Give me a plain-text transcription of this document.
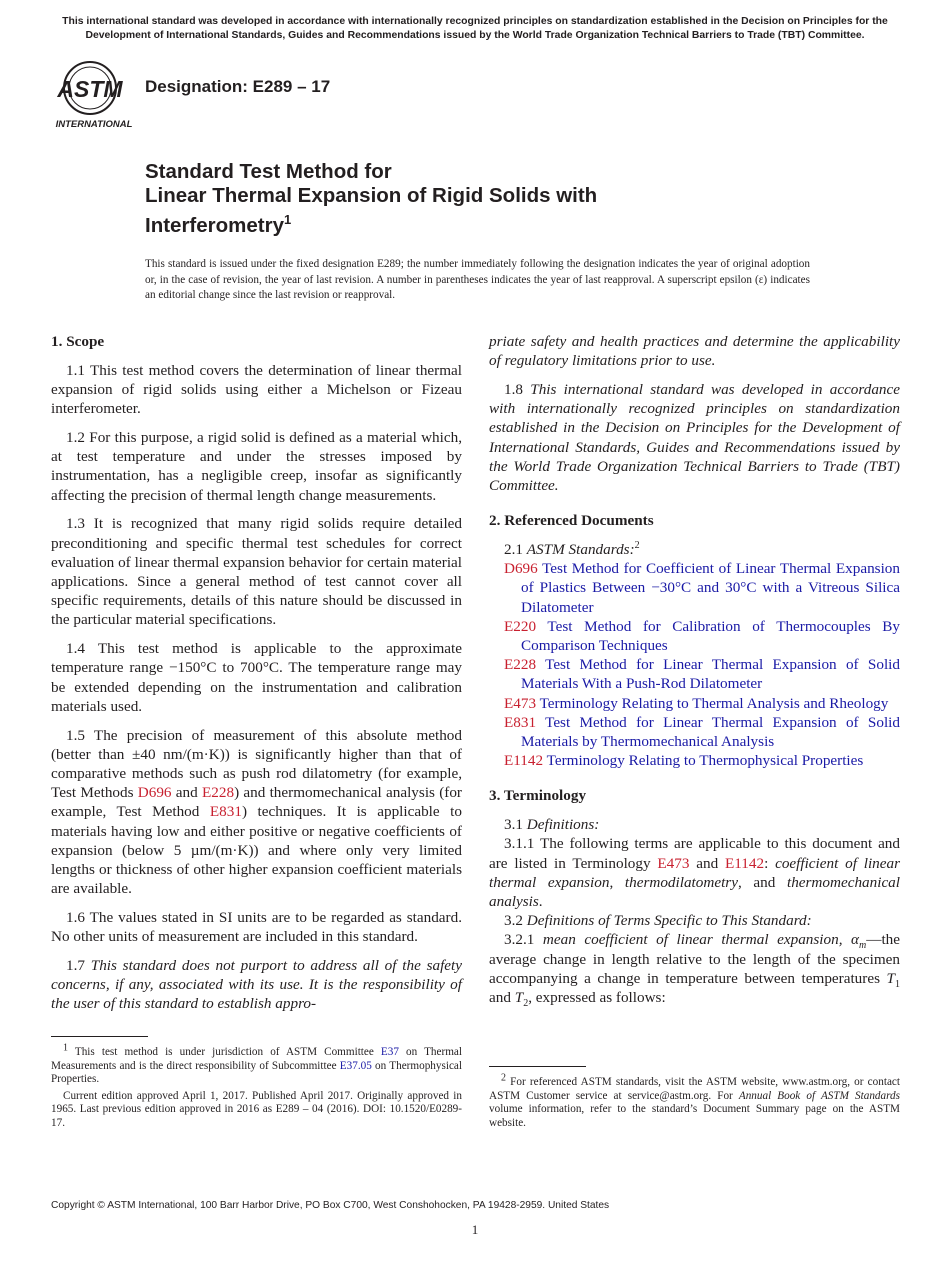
This international standard was developed in accordance with internationally recognized principles on standardization established in the Decision on Principles for the
Development of International Standards, Guides and Recommendations issued by the World Trade Organization Technical Barriers to Trade (TBT) Committee.
ASTM
INTERNATIONAL
Designation: E289 – 17
Standard Test Method for
Linear Thermal Expansion of Rigid Solids with
Interferometry$^1$

This standard is issued under the fixed designation E289; the number immediately following the designation indicates the year of original adoption or, in the case of revision, the year of last revision. A number in parentheses indicates the year of last reapproval. A superscript epsilon (ε) indicates an editorial change since the last revision or reapproval.

1. Scope

1.1 This test method covers the determination of linear thermal expansion of rigid solids using either a Michelson or Fizeau interferometer.

1.2 For this purpose, a rigid solid is defined as a material which, at test temperature and under the stresses imposed by instrumentation, has a negligible creep, insofar as significantly affecting the precision of thermal length change measurements.

1.3 It is recognized that many rigid solids require detailed preconditioning and specific thermal test schedules for correct evaluation of linear thermal expansion behavior for certain material applications. Since a general method of test cannot cover all specific requirements, details of this nature should be discussed in the particular material specifications.

1.4 This test method is applicable to the approximate temperature range −150°C to 700°C. The temperature range may be extended depending on the instrumentation and calibration materials used.

1.5 The precision of measurement of this absolute method (better than ±40 nm/(m·K)) is significantly higher than that of comparative methods such as push rod dilatometry (for example, Test Methods D696 and E228) and thermomechanical analysis (for example, Test Method E831) techniques. It is applicable to materials having low and either positive or negative coefficients of expansion (below 5 µm/(m·K)) and where only very limited lengths or thickness of other higher expansion coefficient materials are available.

1.6 The values stated in SI units are to be regarded as standard. No other units of measurement are included in this standard.

1.7 This standard does not purport to address all of the safety concerns, if any, associated with its use. It is the responsibility of the user of this standard to establish appro-

$^1$ This test method is under jurisdiction of ASTM Committee E37 on Thermal Measurements and is the direct responsibility of Subcommittee E37.05 on Thermophysical Properties.

Current edition approved April 1, 2017. Published April 2017. Originally approved in 1965. Last previous edition approved in 2016 as E289 – 04 (2016). DOI: 10.1520/E0289-17.

priate safety and health practices and determine the applicability of regulatory limitations prior to use.

1.8 This international standard was developed in accordance with internationally recognized principles on standardization established in the Decision on Principles for the Development of International Standards, Guides and Recommendations issued by the World Trade Organization Technical Barriers to Trade (TBT) Committee.

2. Referenced Documents

2.1 ASTM Standards:$^2$

D696 Test Method for Coefficient of Linear Thermal Expansion of Plastics Between −30°C and 30°C with a Vitreous Silica Dilatometer
E220 Test Method for Calibration of Thermocouples By Comparison Techniques
E228 Test Method for Linear Thermal Expansion of Solid Materials With a Push-Rod Dilatometer
E473 Terminology Relating to Thermal Analysis and Rheology
E831 Test Method for Linear Thermal Expansion of Solid Materials by Thermomechanical Analysis
E1142 Terminology Relating to Thermophysical Properties
3. Terminology

3.1 Definitions:

3.1.1 The following terms are applicable to this document and are listed in Terminology E473 and E1142: coefficient of linear thermal expansion, thermodilatometry, and thermomechanical analysis.

3.2 Definitions of Terms Specific to This Standard:

3.2.1 mean coefficient of linear thermal expansion, $\alpha_m—the$ average change in length relative to the length of the specimen accompanying a change in temperature between temperatures $T_1$ and $T_2$, expressed as follows:

$^2$ For referenced ASTM standards, visit the ASTM website, www.astm.org, or contact ASTM Customer service at service@astm.org. For Annual Book of ASTM Standards volume information, refer to the standard’s Document Summary page on the ASTM website.

Copyright © ASTM International, 100 Barr Harbor Drive, PO Box C700, West Conshohocken, PA 19428-2959. United States
1
